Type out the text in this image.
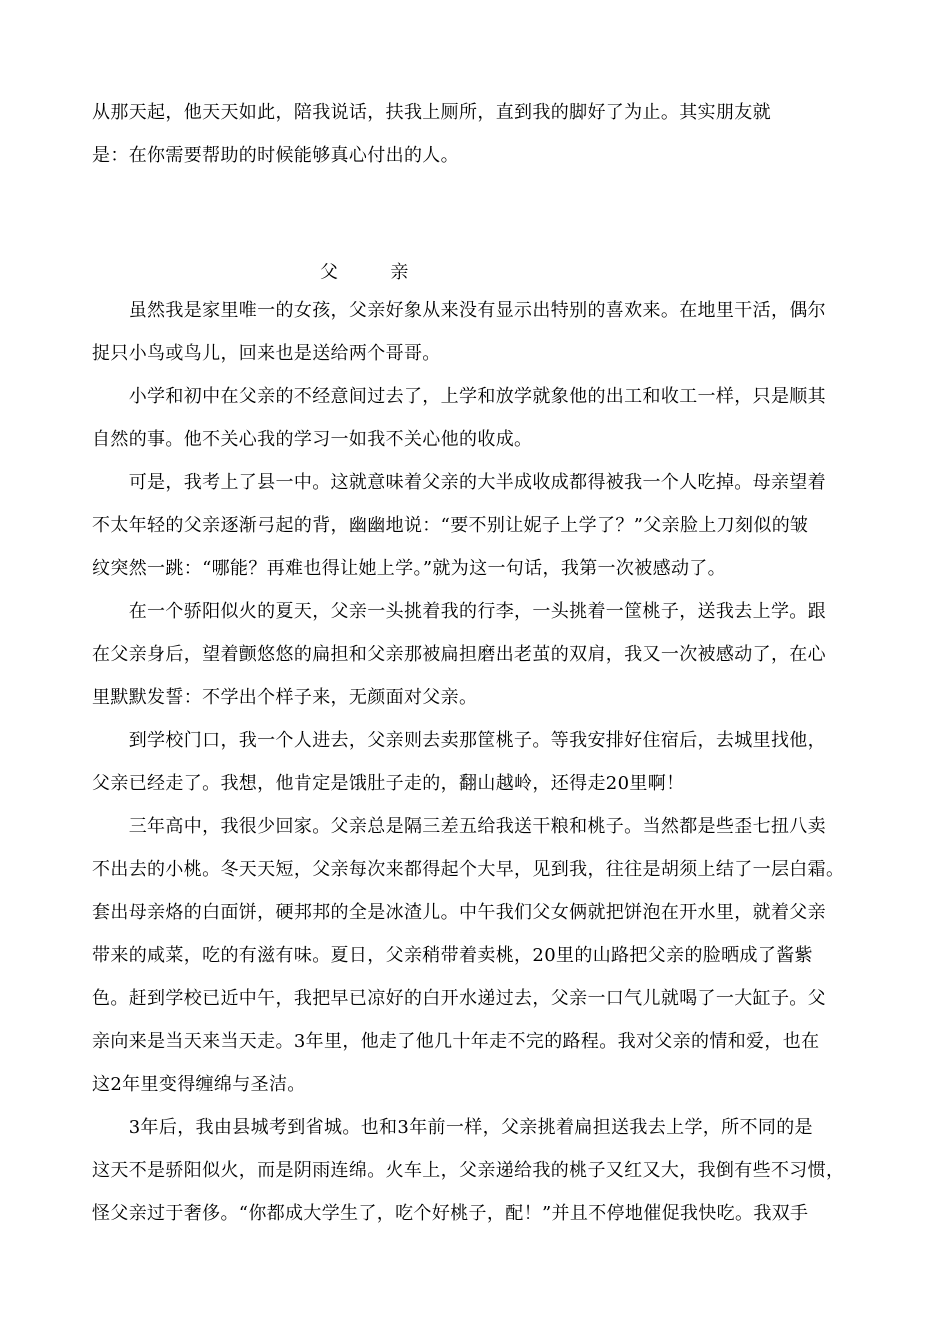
从那天起，他天天如此，陪我说话，扶我上厕所，直到我的脚好了为止。其实朋友就
是：在你需要帮助的时候能够真心付出的人。
父	亲
　　虽然我是家里唯一的女孩，父亲好象从来没有显示出特别的喜欢来。在地里干活，偶尔
捉只小鸟或鸟儿，回来也是送给两个哥哥。
　　小学和初中在父亲的不经意间过去了，上学和放学就象他的出工和收工一样，只是顺其
自然的事。他不关心我的学习一如我不关心他的收成。
　　可是，我考上了县一中。这就意味着父亲的大半成收成都得被我一个人吃掉。母亲望着
不太年轻的父亲逐渐弓起的背，幽幽地说：“要不别让妮子上学了？”父亲脸上刀刻似的皱
纹突然一跳：“哪能？再难也得让她上学。”就为这一句话，我第一次被感动了。
　　在一个骄阳似火的夏天，父亲一头挑着我的行李，一头挑着一筐桃子，送我去上学。跟
在父亲身后，望着颤悠悠的扁担和父亲那被扁担磨出老茧的双肩，我又一次被感动了，在心
里默默发誓：不学出个样子来，无颜面对父亲。
　　到学校门口，我一个人进去，父亲则去卖那筐桃子。等我安排好住宿后，去城里找他，
父亲已经走了。我想，他肯定是饿肚子走的，翻山越岭，还得走20里啊！
　　三年高中，我很少回家。父亲总是隔三差五给我送干粮和桃子。当然都是些歪七扭八卖
不出去的小桃。冬天天短，父亲每次来都得起个大早，见到我，往往是胡须上结了一层白霜。
套出母亲烙的白面饼，硬邦邦的全是冰渣儿。中午我们父女俩就把饼泡在开水里，就着父亲
带来的咸菜，吃的有滋有味。夏日，父亲稍带着卖桃，20里的山路把父亲的脸晒成了酱紫
色。赶到学校已近中午，我把早已凉好的白开水递过去，父亲一口气儿就喝了一大缸子。父
亲向来是当天来当天走。3年里，他走了他几十年走不完的路程。我对父亲的情和爱，也在
这2年里变得缠绵与圣洁。
　　3年后，我由县城考到省城。也和3年前一样，父亲挑着扁担送我去上学，所不同的是
这天不是骄阳似火，而是阴雨连绵。火车上，父亲递给我的桃子又红又大，我倒有些不习惯，
怪父亲过于奢侈。“你都成大学生了，吃个好桃子，配！”并且不停地催促我快吃。我双手
